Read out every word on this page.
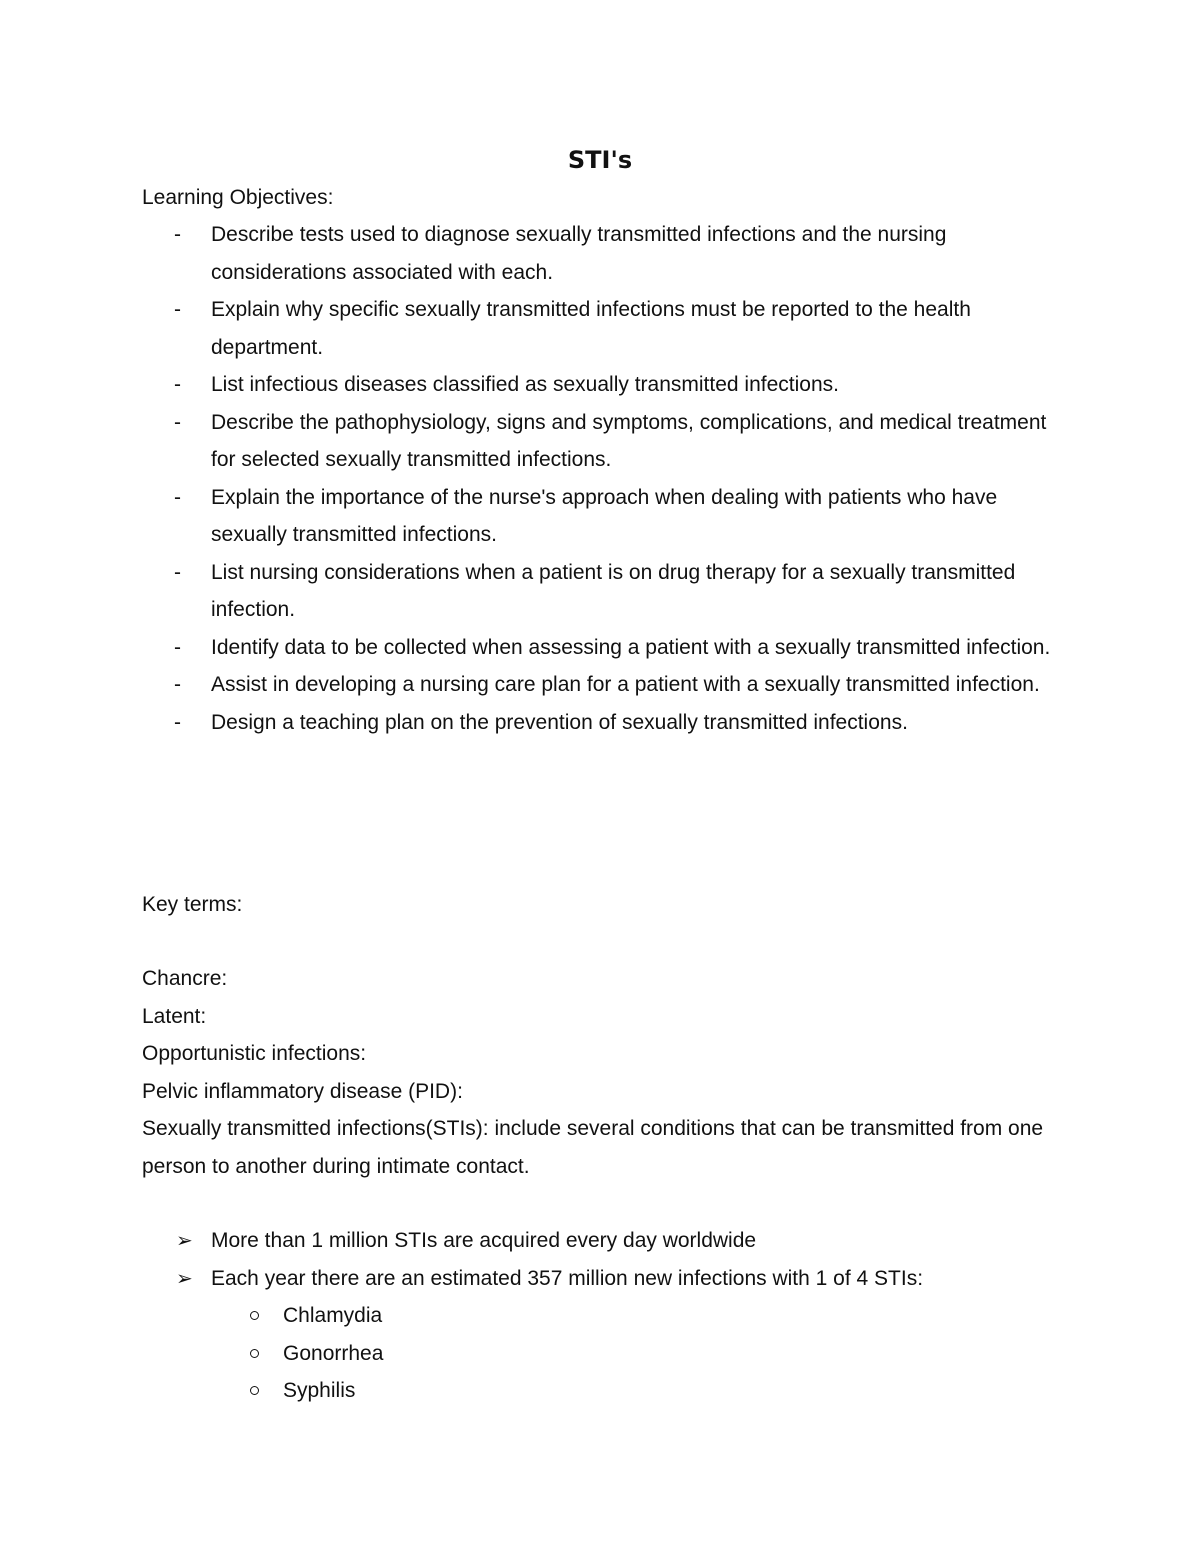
STI's
Learning Objectives:
- Describe tests used to diagnose sexually transmitted infections and the nursing considerations associated with each.
- Explain why specific sexually transmitted infections must be reported to the health department.
- List infectious diseases classified as sexually transmitted infections.
- Describe the pathophysiology, signs and symptoms, complications, and medical treatment for selected sexually transmitted infections.
- Explain the importance of the nurse's approach when dealing with patients who have sexually transmitted infections.
- List nursing considerations when a patient is on drug therapy for a sexually transmitted infection.
- Identify data to be collected when assessing a patient with a sexually transmitted infection.
- Assist in developing a nursing care plan for a patient with a sexually transmitted infection.
- Design a teaching plan on the prevention of sexually transmitted infections.
Key terms:
Chancre:
Latent:
Opportunistic infections:
Pelvic inflammatory disease (PID):
Sexually transmitted infections(STIs): include several conditions that can be transmitted from one person to another during intimate contact.
➢ More than 1 million STIs are acquired every day worldwide
➢ Each year there are an estimated 357 million new infections with 1 of 4 STIs:
Chlamydia
Gonorrhea
Syphilis
